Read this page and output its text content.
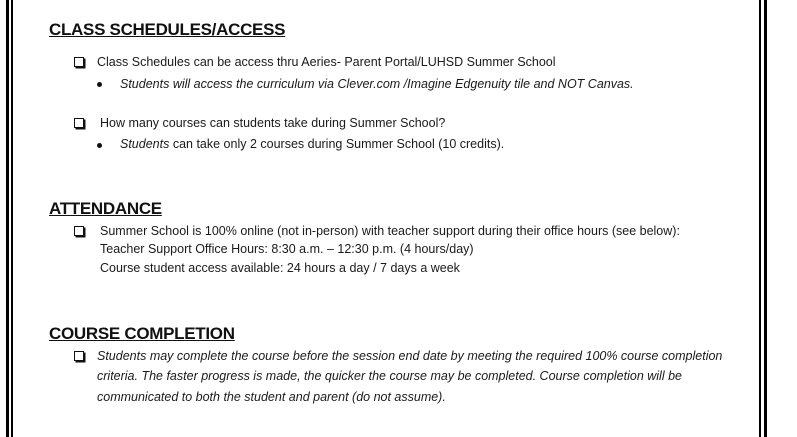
CLASS SCHEDULES/ACCESS
Class Schedules can be access thru Aeries- Parent Portal/LUHSD Summer School
Students will access the curriculum via Clever.com /Imagine Edgenuity tile and NOT Canvas.
How many courses can students take during Summer School?
Students can take only 2 courses during Summer School (10 credits).
ATTENDANCE
Summer School is 100% online (not in-person) with teacher support during their office hours (see below):
Teacher Support Office Hours: 8:30 a.m. – 12:30 p.m. (4 hours/day)
Course student access available: 24 hours a day / 7 days a week
COURSE COMPLETION
Students may complete the course before the session end date by meeting the required 100% course completion
criteria. The faster progress is made, the quicker the course may be completed. Course completion will be
communicated to both the student and parent (do not assume).
